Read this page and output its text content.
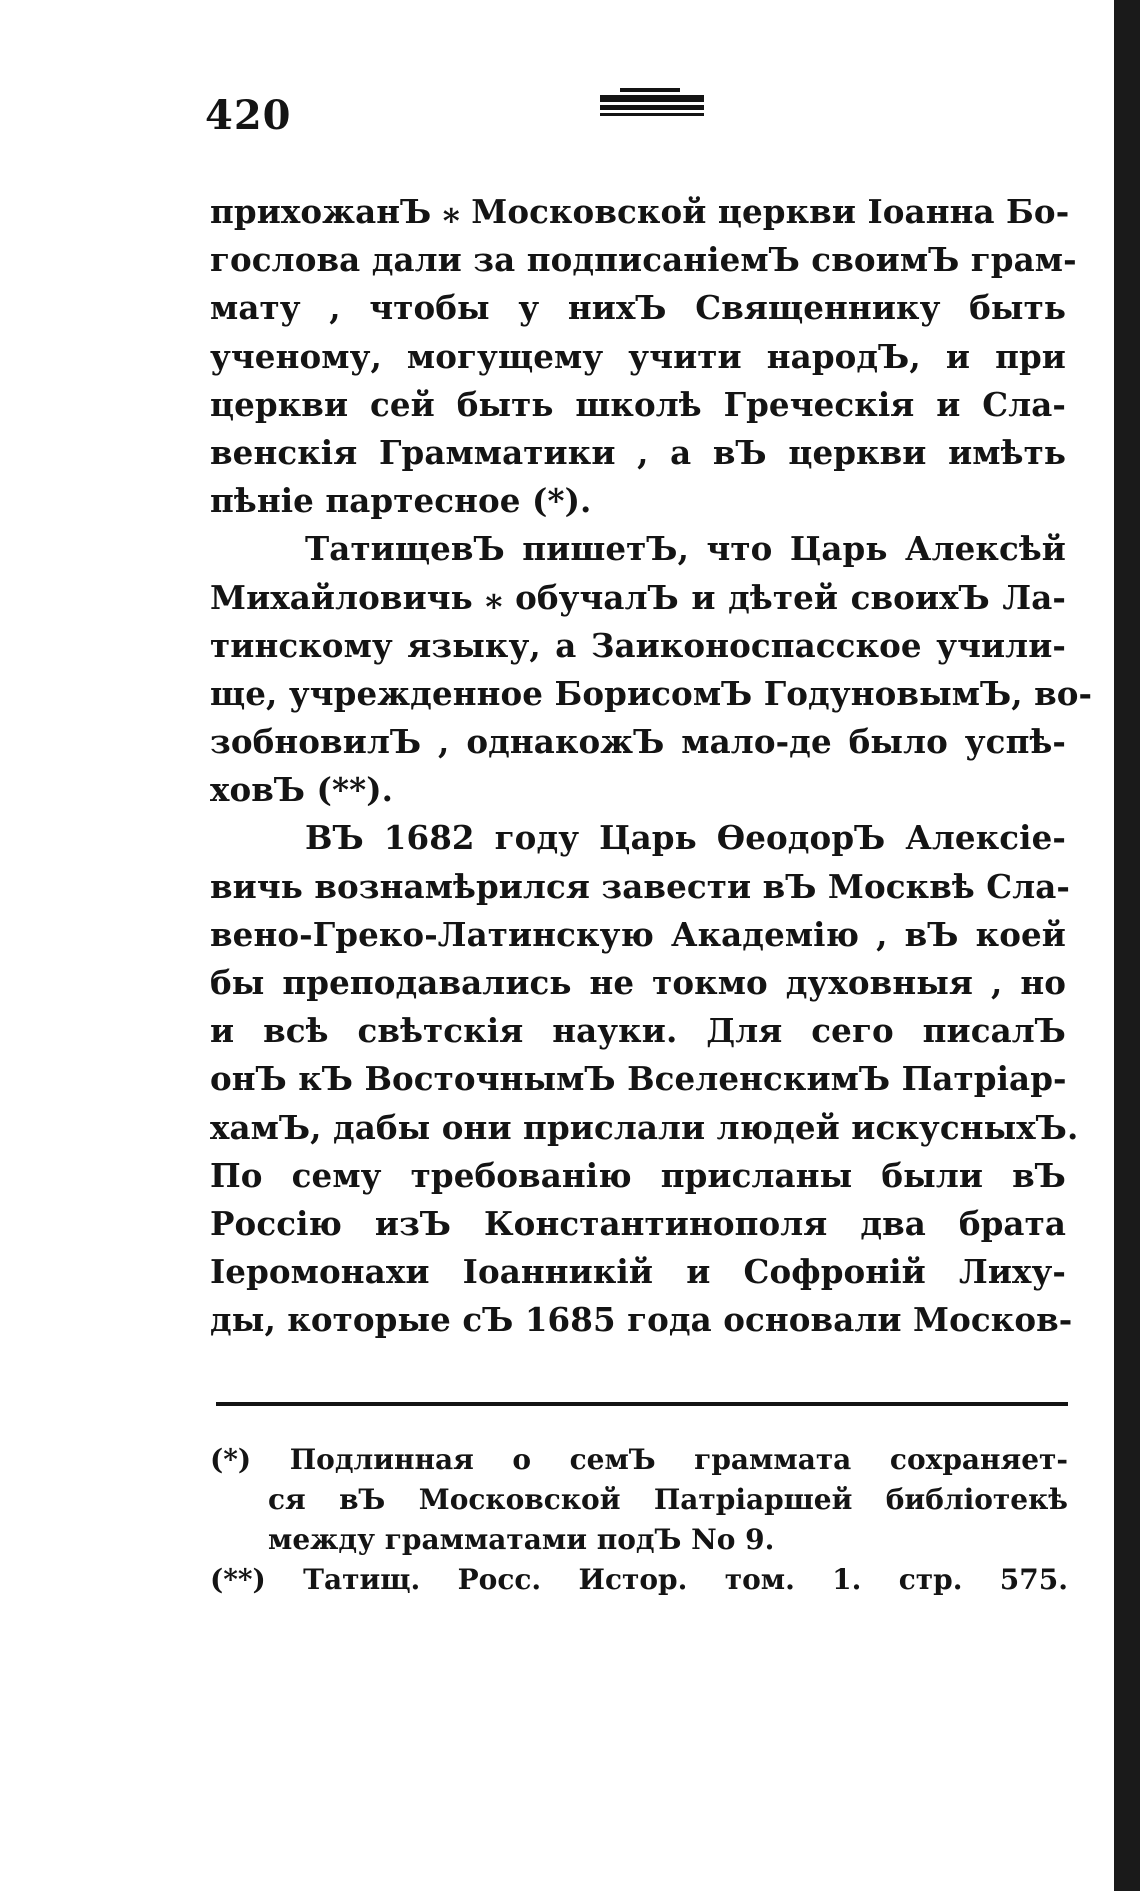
420
прихожанЪ ⁎ Московской церкви Іоанна Бо-
гослова дали за подписаніемЪ своимЪ грам-
мату , чтобы у нихЪ Священнику быть
ученому, могущему учити народЪ, и при
церкви сей быть школѣ Греческія и Сла-
венскія Грамматики , а вЪ церкви имѣть
пѣніе партесное (*).
ТатищевЪ пишетЪ, что Царь Алексѣй
Михайловичь ⁎ обучалЪ и дѣтей своихЪ Ла-
тинскому языку, а Заиконоспасское учили-
ще, учрежденное БорисомЪ ГодуновымЪ, во-
зобновилЪ , однакожЪ мало-де было успѣ-
ховЪ (**).
ВЪ 1682 году Царь ѲеодорЪ Алексіе-
вичь вознамѣрился завести вЪ Москвѣ Сла-
вено-Греко-Латинскую Академію , вЪ коей
бы преподавались не токмо духовныя , но
и всѣ свѣтскія науки. Для сего писалЪ
онЪ кЪ ВосточнымЪ ВселенскимЪ Патріар-
хамЪ, дабы они прислали людей искусныхЪ.
По сему требованію присланы были вЪ
Россію изЪ Константинополя два брата
Іеромонахи Іоанникій и Софроній Лиху-
ды, которые сЪ 1685 года основали Москов-
(*) Подлинная о семЪ граммата сохраняет-
ся вЪ Московской Патріаршей библіотекѣ
между грамматами подЪ No 9.
(**) Татищ. Росс. Истор. том. 1. стр. 575.
